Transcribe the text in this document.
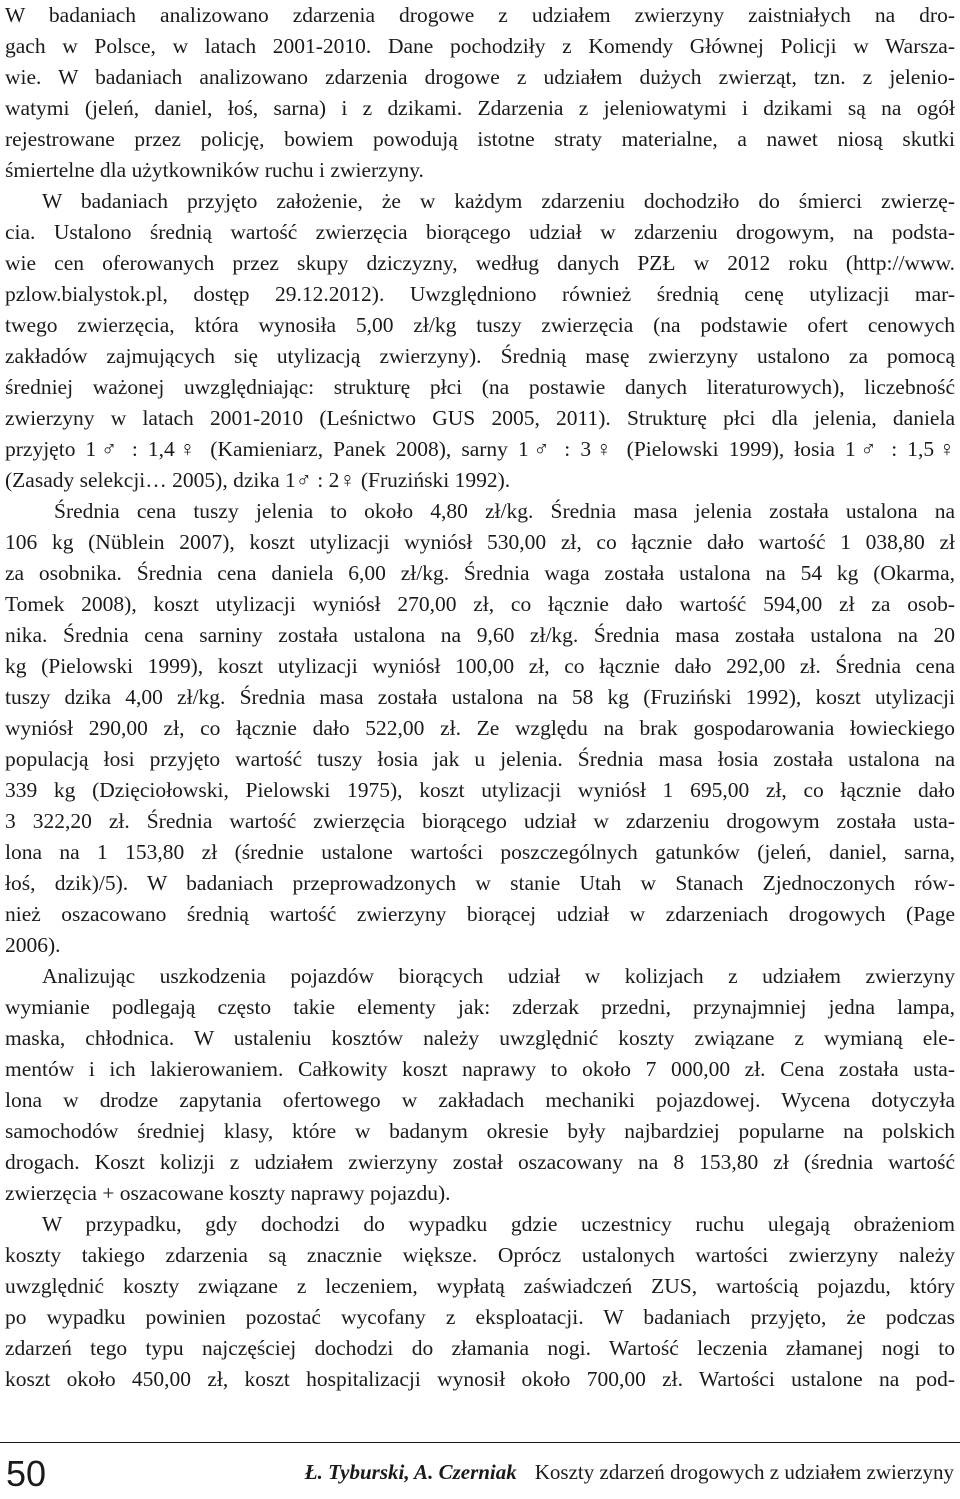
W badaniach analizowano zdarzenia drogowe z udziałem zwierzyny zaistniałych na dro-
gach w Polsce, w latach 2001-2010. Dane pochodziły z Komendy Głównej Policji w Warsza-
wie. W badaniach analizowano zdarzenia drogowe z udziałem dużych zwierząt, tzn. z jelenio-
watymi (jeleń, daniel, łoś, sarna) i z dzikami. Zdarzenia z jeleniowatymi i dzikami są na ogół
rejestrowane przez policję, bowiem powodują istotne straty materialne, a nawet niosą skutki
śmiertelne dla użytkowników ruchu i zwierzyny.
W badaniach przyjęto założenie, że w każdym zdarzeniu dochodziło do śmierci zwierzę-
cia. Ustalono średnią wartość zwierzęcia biorącego udział w zdarzeniu drogowym, na podsta-
wie cen oferowanych przez skupy dziczyzny, według danych PZŁ w 2012 roku (http://www.
pzlow.bialystok.pl, dostęp 29.12.2012). Uwzględniono również średnią cenę utylizacji mar-
twego zwierzęcia, która wynosiła 5,00 zł/kg tuszy zwierzęcia (na podstawie ofert cenowych
zakładów zajmujących się utylizacją zwierzyny). Średnią masę zwierzyny ustalono za pomocą
średniej ważonej uwzględniając: strukturę płci (na postawie danych literaturowych), liczebność
zwierzyny w latach 2001-2010 (Leśnictwo GUS 2005, 2011). Strukturę płci dla jelenia, daniela
przyjęto 1♂ : 1,4♀ (Kamieniarz, Panek 2008), sarny 1♂ : 3♀ (Pielowski 1999), łosia 1♂ : 1,5♀
(Zasady selekcji… 2005), dzika 1♂ : 2♀ (Fruziński 1992).
Średnia cena tuszy jelenia to około 4,80 zł/kg. Średnia masa jelenia została ustalona na
106 kg (Nüblein 2007), koszt utylizacji wyniósł 530,00 zł, co łącznie dało wartość 1 038,80 zł
za osobnika. Średnia cena daniela 6,00 zł/kg. Średnia waga została ustalona na 54 kg (Okarma,
Tomek 2008), koszt utylizacji wyniósł 270,00 zł, co łącznie dało wartość 594,00 zł za osob-
nika. Średnia cena sarniny została ustalona na 9,60 zł/kg. Średnia masa została ustalona na 20
kg (Pielowski 1999), koszt utylizacji wyniósł 100,00 zł, co łącznie dało 292,00 zł. Średnia cena
tuszy dzika 4,00 zł/kg. Średnia masa została ustalona na 58 kg (Fruziński 1992), koszt utylizacji
wyniósł 290,00 zł, co łącznie dało 522,00 zł. Ze względu na brak gospodarowania łowieckiego
populacją łosi przyjęto wartość tuszy łosia jak u jelenia. Średnia masa łosia została ustalona na
339 kg (Dzięciołowski, Pielowski 1975), koszt utylizacji wyniósł 1 695,00 zł, co łącznie dało
3 322,20 zł. Średnia wartość zwierzęcia biorącego udział w zdarzeniu drogowym została usta-
lona na 1 153,80 zł (średnie ustalone wartości poszczególnych gatunków (jeleń, daniel, sarna,
łoś, dzik)/5). W badaniach przeprowadzonych w stanie Utah w Stanach Zjednoczonych rów-
nież oszacowano średnią wartość zwierzyny biorącej udział w zdarzeniach drogowych (Page
2006).
Analizując uszkodzenia pojazdów biorących udział w kolizjach z udziałem zwierzyny
wymianie podlegają często takie elementy jak: zderzak przedni, przynajmniej jedna lampa,
maska, chłodnica. W ustaleniu kosztów należy uwzględnić koszty związane z wymianą ele-
mentów i ich lakierowaniem. Całkowity koszt naprawy to około 7 000,00 zł. Cena została usta-
lona w drodze zapytania ofertowego w zakładach mechaniki pojazdowej. Wycena dotyczyła
samochodów średniej klasy, które w badanym okresie były najbardziej popularne na polskich
drogach. Koszt kolizji z udziałem zwierzyny został oszacowany na 8 153,80 zł (średnia wartość
zwierzęcia + oszacowane koszty naprawy pojazdu).
W przypadku, gdy dochodzi do wypadku gdzie uczestnicy ruchu ulegają obrażeniom
koszty takiego zdarzenia są znacznie większe. Oprócz ustalonych wartości zwierzyny należy
uwzględnić koszty związane z leczeniem, wypłatą zaświadczeń ZUS, wartością pojazdu, który
po wypadku powinien pozostać wycofany z eksploatacji. W badaniach przyjęto, że podczas
zdarzeń tego typu najczęściej dochodzi do złamania nogi. Wartość leczenia złamanej nogi to
koszt około 450,00 zł, koszt hospitalizacji wynosił około 700,00 zł. Wartości ustalone na pod-
50	Ł. Tyburski, A. Czerniak Koszty zdarzeń drogowych z udziałem zwierzyny
